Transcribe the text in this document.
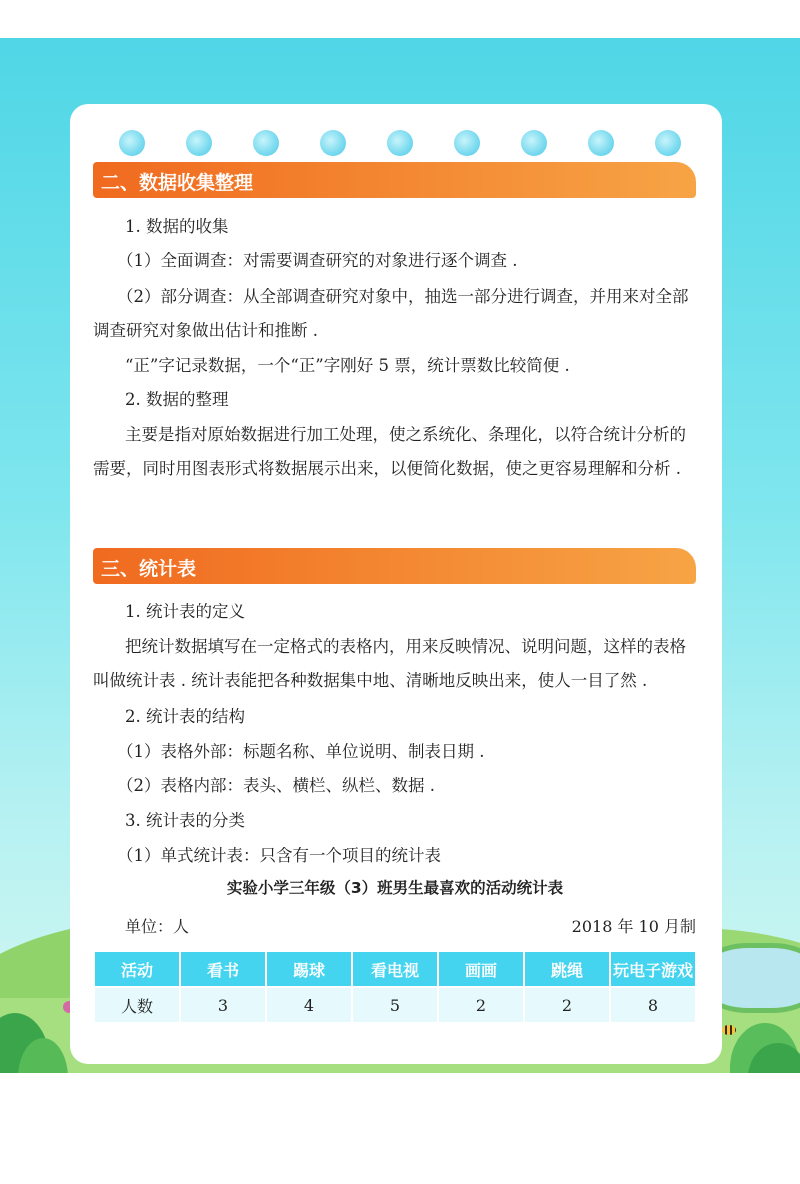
二、数据收集整理
1. 数据的收集
（1）全面调查：对需要调查研究的对象进行逐个调查 .
（2）部分调查：从全部调查研究对象中，抽选一部分进行调查，并用来对全部调查研究对象做出估计和推断 .
“正”字记录数据，一个“正”字刚好 5 票，统计票数比较简便 .
2. 数据的整理
主要是指对原始数据进行加工处理，使之系统化、条理化，以符合统计分析的需要，同时用图表形式将数据展示出来，以便简化数据，使之更容易理解和分析 .
三、统计表
1. 统计表的定义
把统计数据填写在一定格式的表格内，用来反映情况、说明问题，这样的表格叫做统计表 . 统计表能把各种数据集中地、清晰地反映出来，使人一目了然 .
2. 统计表的结构
（1）表格外部：标题名称、单位说明、制表日期 .
（2）表格内部：表头、横栏、纵栏、数据 .
3. 统计表的分类
（1）单式统计表：只含有一个项目的统计表
实验小学三年级（3）班男生最喜欢的活动统计表
单位：人	2018 年 10 月制
活动	看书	踢球	看电视	画画	跳绳	玩电子游戏
人数	3	4	5	2	2	8
